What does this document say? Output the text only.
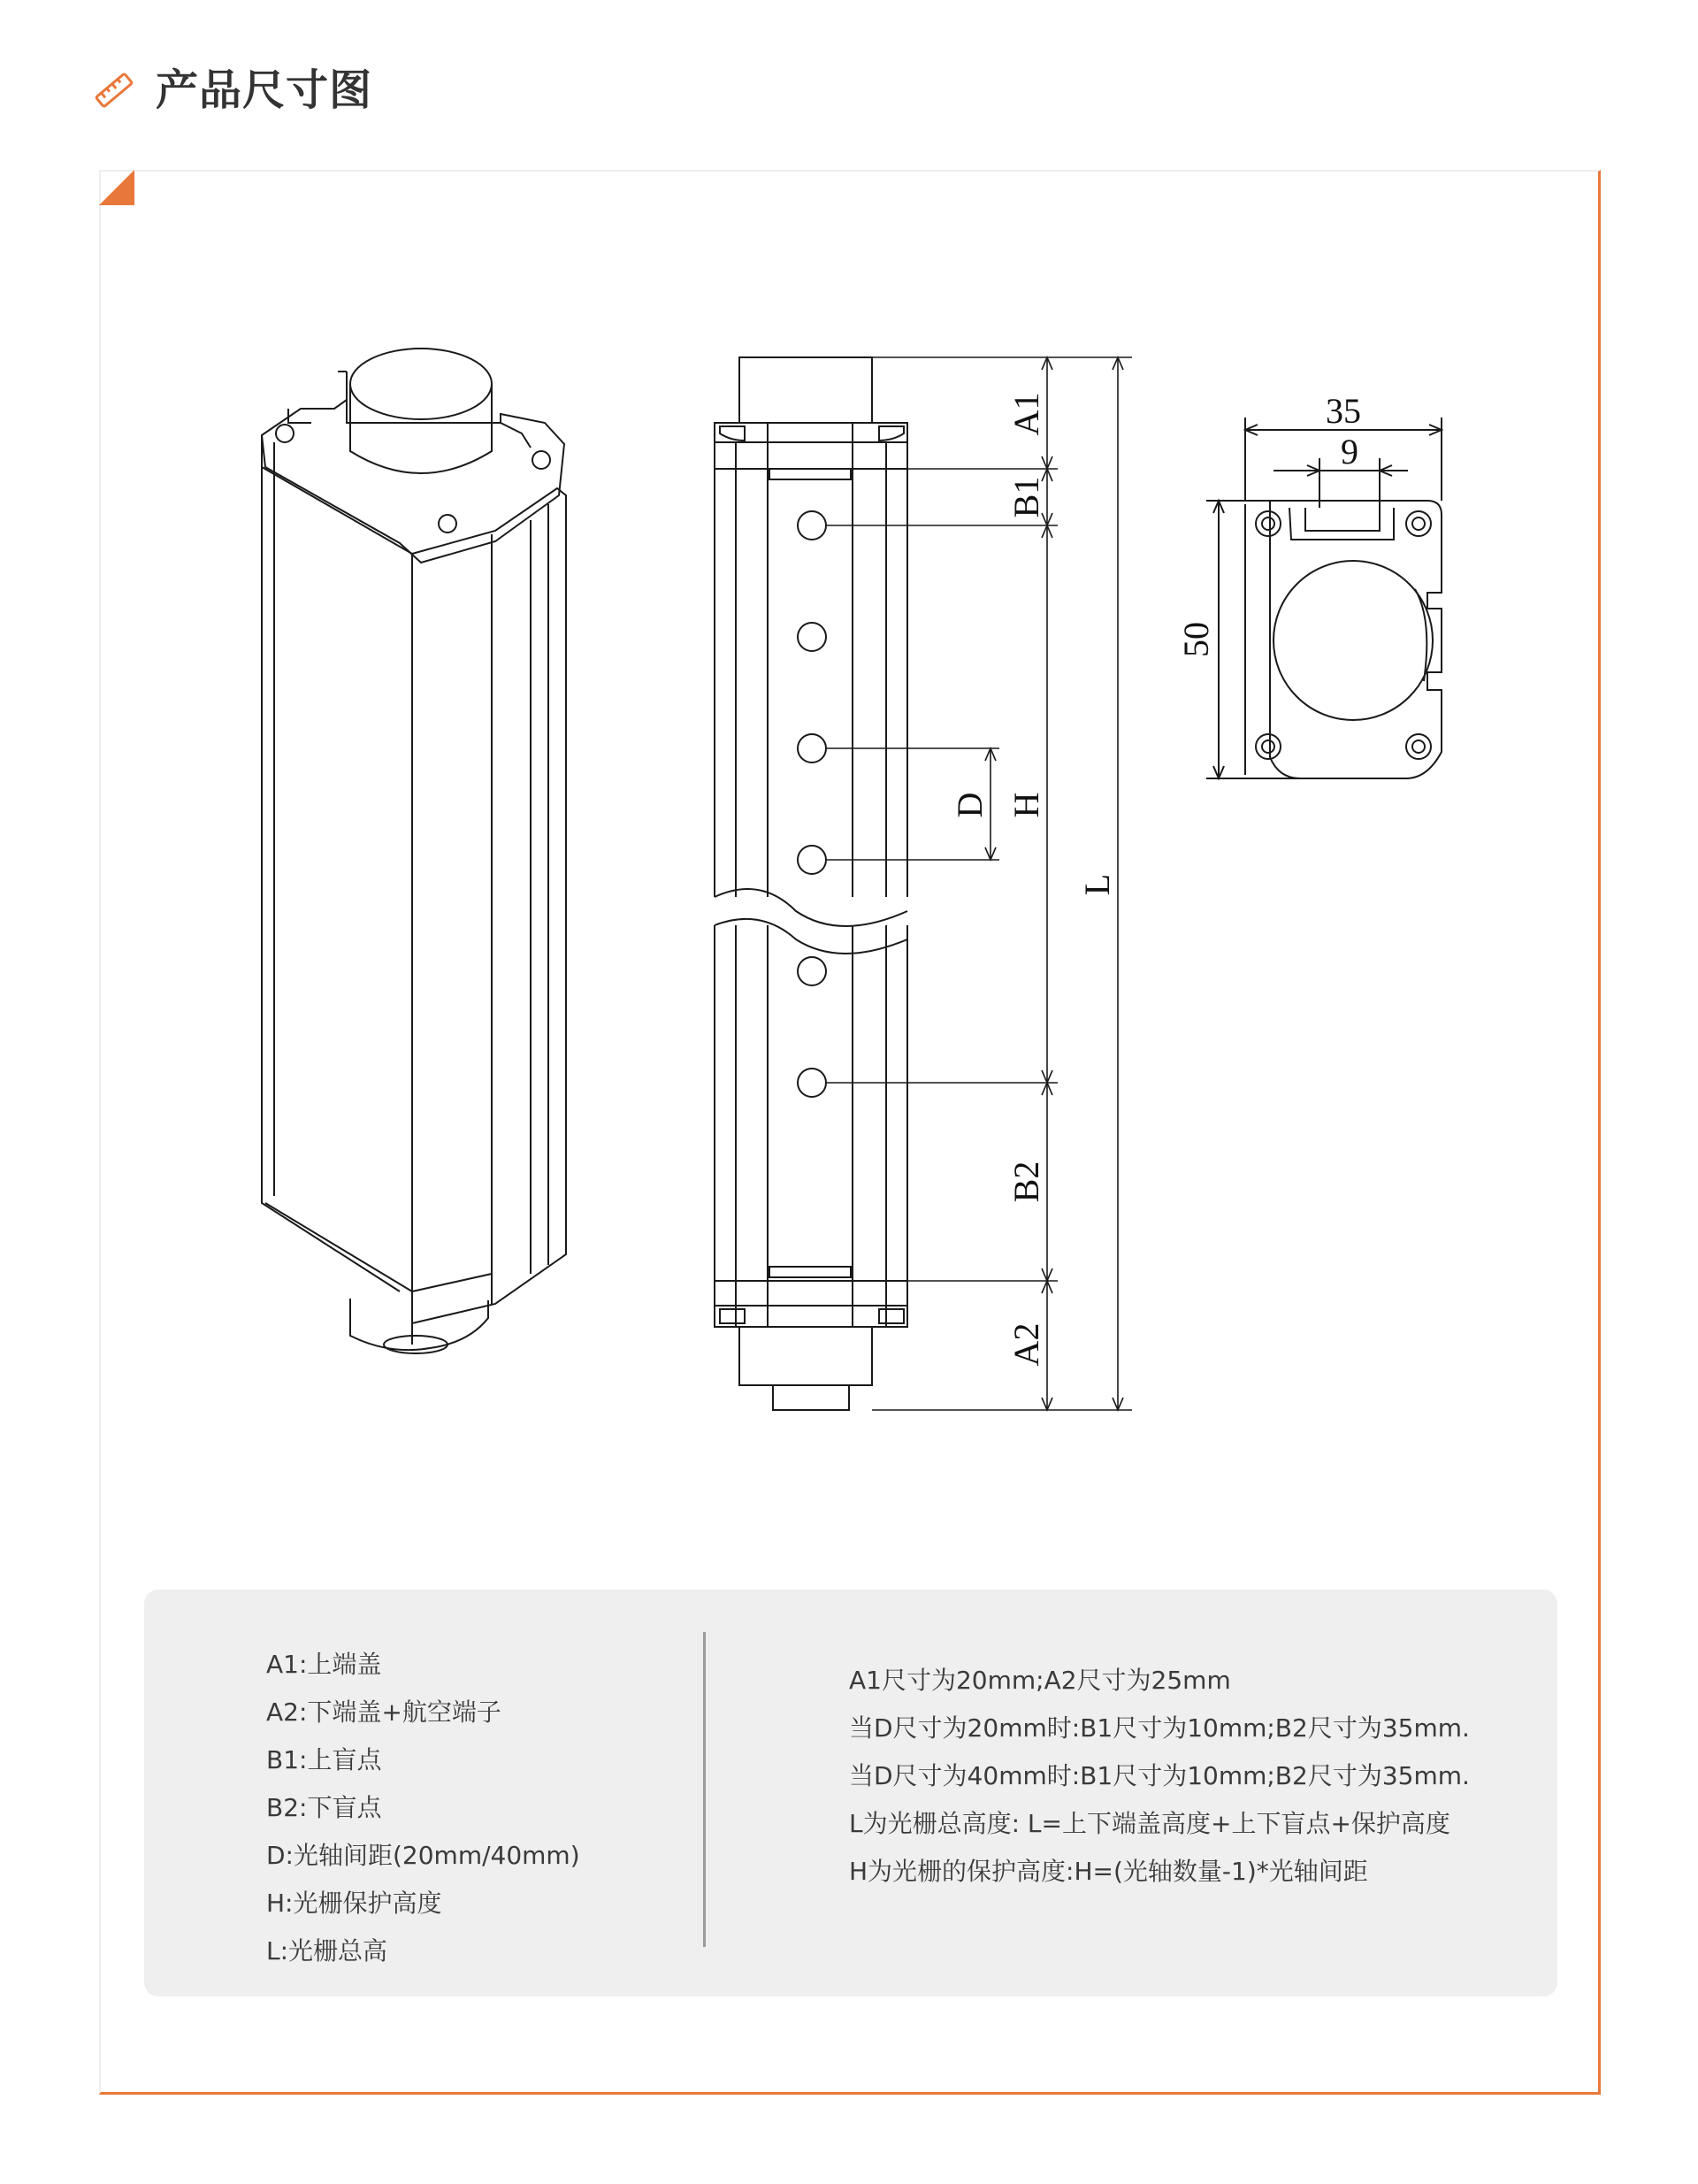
产品尺寸图
A1
B1
D H
L
B2
A2
35
9
50
A1:上端盖
A2:下端盖+航空端子
B1:上盲点
B2:下盲点
D:光轴间距(20mm/40mm)
H:光栅保护高度
L:光栅总高
A1尺寸为20mm;A2尺寸为25mm
当D尺寸为20mm时:B1尺寸为10mm;B2尺寸为35mm.
当D尺寸为40mm时:B1尺寸为10mm;B2尺寸为35mm.
L为光栅总高度: L=上下端盖高度+上下盲点+保护高度
H为光栅的保护高度:H=(光轴数量-1)*光轴间距
